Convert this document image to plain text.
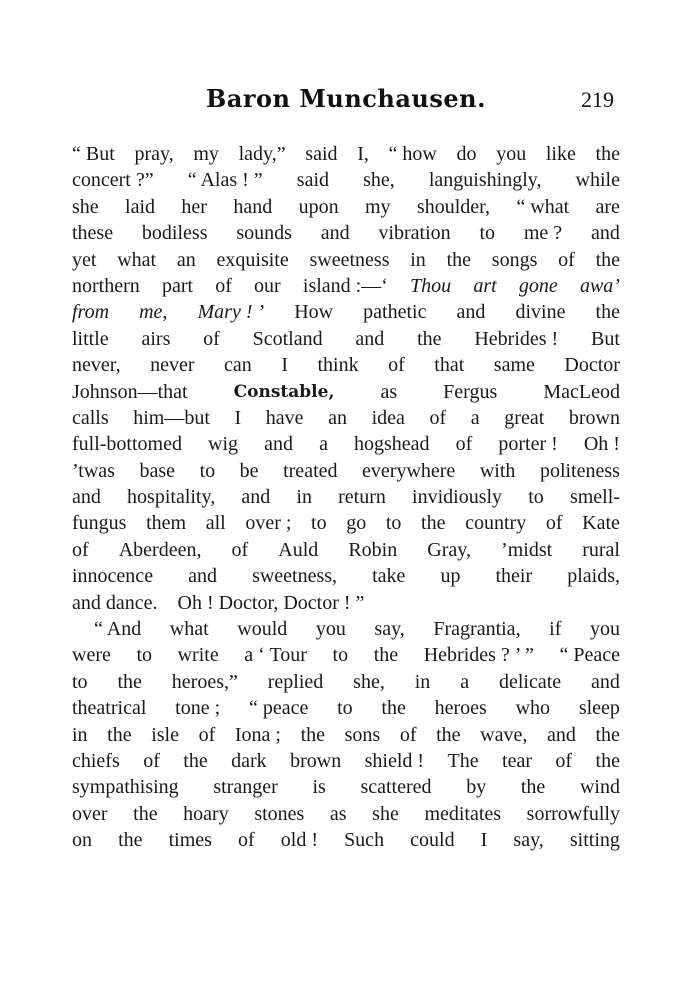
Baron Munchausen.	219
“ But pray, my lady,” said I, “ how do you like the
concert ?” “ Alas ! ” said she, languishingly, while
she laid her hand upon my shoulder, “ what are
these bodiless sounds and vibration to me ? and
yet what an exquisite sweetness in the songs of the
northern part of our island :—‘ Thou art gone awa’
from me, Mary ! ’ How pathetic and divine the
little airs of Scotland and the Hebrides ! But
never, never can I think of that same Doctor
Johnson—that	Constable, as Fergus MacLeod
calls him—but I have an idea of a great brown
full-bottomed wig and a hogshead of porter ! Oh !
’twas base to be treated everywhere with politeness
and hospitality, and in return invidiously to smell-
fungus them all over ; to go to the country of Kate
of Aberdeen, of Auld Robin Gray, ’midst rural
innocence and sweetness, take up their plaids,
and dance. Oh ! Doctor, Doctor ! ”
“ And what would you say, Fragrantia, if you
were to write a ‘ Tour to the Hebrides ? ’ ” “ Peace
to the heroes,” replied she, in a delicate and
theatrical tone ; “ peace to the heroes who sleep
in the isle of Iona ; the sons of the wave, and the
chiefs of the dark brown shield ! The tear of the
sympathising stranger is scattered by the wind
over the hoary stones as she meditates sorrowfully
on the times of old ! Such could I say, sitting
